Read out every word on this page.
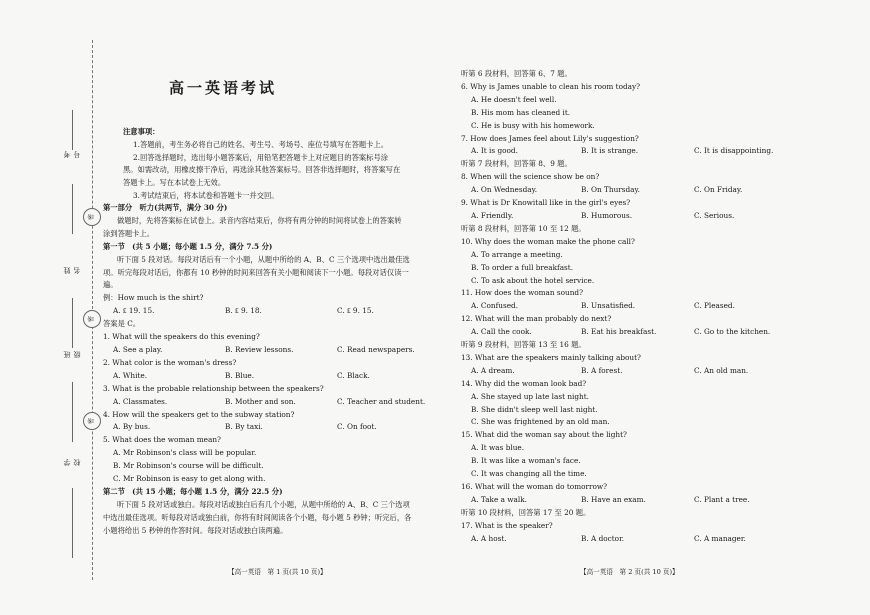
考号
密
姓名
密
班级
密
学校
高一英语考试

注意事项：

1.答题前，考生务必将自己的姓名、考生号、考场号、座位号填写在答题卡上。

2.回答选择题时，选出每小题答案后，用铅笔把答题卡上对应题目的答案标号涂

黑。如需改动，用橡皮擦干净后，再选涂其他答案标号。回答非选择题时，将答案写在

答题卡上。写在本试卷上无效。

3.考试结束后，将本试卷和答题卡一并交回。

第一部分　听力(共两节，满分 30 分)

做题时，先将答案标在试卷上。录音内容结束后，你将有两分钟的时间将试卷上的答案转

涂到答题卡上。

第一节　(共 5 小题；每小题 1.5 分，满分 7.5 分)

听下面 5 段对话。每段对话后有一个小题，从题中所给的 A、B、C 三个选项中选出最佳选

项。听完每段对话后，你都有 10 秒钟的时间来回答有关小题和阅读下一小题。每段对话仅读一

遍。

例：How much is the shirt?

A. ₤ 19. 15.	B. ₤ 9. 18.	C. ₤ 9. 15.

答案是 C。

1. What will the speakers do this evening?

A. See a play.	B. Review lessons.	C. Read newspapers.

2. What color is the woman's dress?

A. White.	B. Blue.	C. Black.

3. What is the probable relationship between the speakers?

A. Classmates.	B. Mother and son.	C. Teacher and student.

4. How will the speakers get to the subway station?

A. By bus.	B. By taxi.	C. On foot.

5. What does the woman mean?

A. Mr Robinson's class will be popular.

B. Mr Robinson's course will be difficult.

C. Mr Robinson is easy to get along with.

第二节　(共 15 小题；每小题 1.5 分，满分 22.5 分)

听下面 5 段对话或独白。每段对话或独白后有几个小题，从题中所给的 A、B、C 三个选项

中选出最佳选项。听每段对话或独白前，你将有时间阅读各个小题，每小题 5 秒钟；听完后，各

小题将给出 5 秒钟的作答时间。每段对话或独白读两遍。

听第 6 段材料，回答第 6、7 题。

6. Why is James unable to clean his room today?

A. He doesn't feel well.

B. His mom has cleaned it.

C. He is busy with his homework.

7. How does James feel about Lily's suggestion?

A. It is good.	B. It is strange.	C. It is disappointing.

听第 7 段材料，回答第 8、9 题。

8. When will the science show be on?

A. On Wednesday.	B. On Thursday.	C. On Friday.

9. What is Dr Knowitall like in the girl's eyes?

A. Friendly.	B. Humorous.	C. Serious.

听第 8 段材料，回答第 10 至 12 题。

10. Why does the woman make the phone call?

A. To arrange a meeting.

B. To order a full breakfast.

C. To ask about the hotel service.

11. How does the woman sound?

A. Confused.	B. Unsatisfied.	C. Pleased.

12. What will the man probably do next?

A. Call the cook.	B. Eat his breakfast.	C. Go to the kitchen.

听第 9 段材料，回答第 13 至 16 题。

13. What are the speakers mainly talking about?

A. A dream.	B. A forest.	C. An old man.

14. Why did the woman look bad?

A. She stayed up late last night.

B. She didn't sleep well last night.

C. She was frightened by an old man.

15. What did the woman say about the light?

A. It was blue.

B. It was like a woman's face.

C. It was changing all the time.

16. What will the woman do tomorrow?

A. Take a walk.	B. Have an exam.	C. Plant a tree.

听第 10 段材料，回答第 17 至 20 题。

17. What is the speaker?

A. A host.	B. A doctor.	C. A manager.
【高一英语　第 1 页(共 10 页)】	【高一英语　第 2 页(共 10 页)】
